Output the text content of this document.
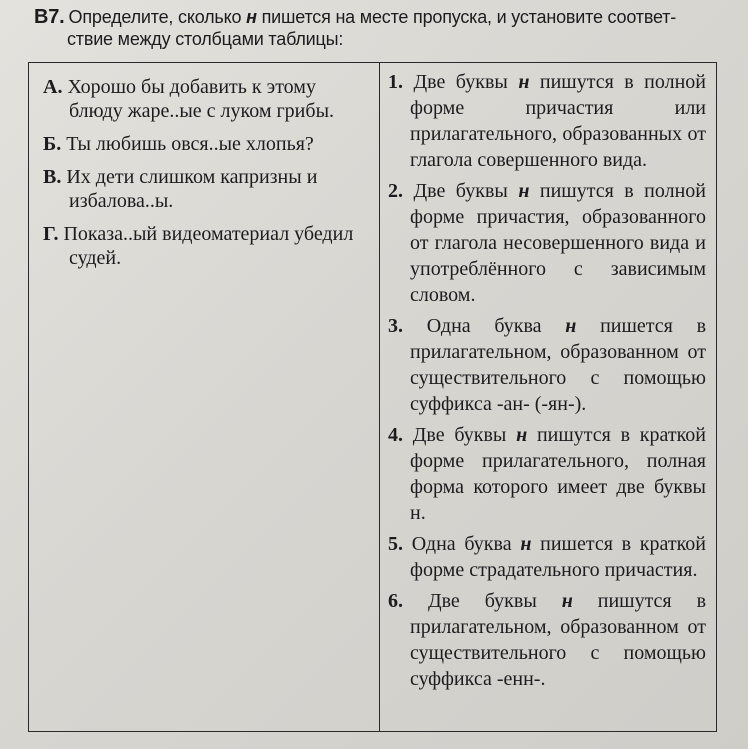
В7. Определите, сколько н пишется на месте пропуска, и установите соответ-
ствие между столбцами таблицы:
А. Хорошо бы добавить к этому блюду жаре..ые с луком грибы.
Б. Ты любишь овся..ые хлопья?
В. Их дети слишком капризны и избалова..ы.
Г. Показа..ый видеоматериал убедил судей.

1. Две буквы н пишутся в полной форме причастия или прилагательного, образованных от глагола совершенного вида.
2. Две буквы н пишутся в полной форме причастия, образованного от глагола несовершенного вида и употреблённого с зависимым словом.
3. Одна буква н пишется в прилагательном, образованном от существительного с помощью суффикса -ан- (-ян-).
4. Две буквы н пишутся в краткой форме прилагательного, полная форма которого имеет две буквы н.
5. Одна буква н пишется в краткой форме страдательного причастия.
6. Две буквы н пишутся в прилагательном, образованном от существительного с помощью суффикса -енн-.
